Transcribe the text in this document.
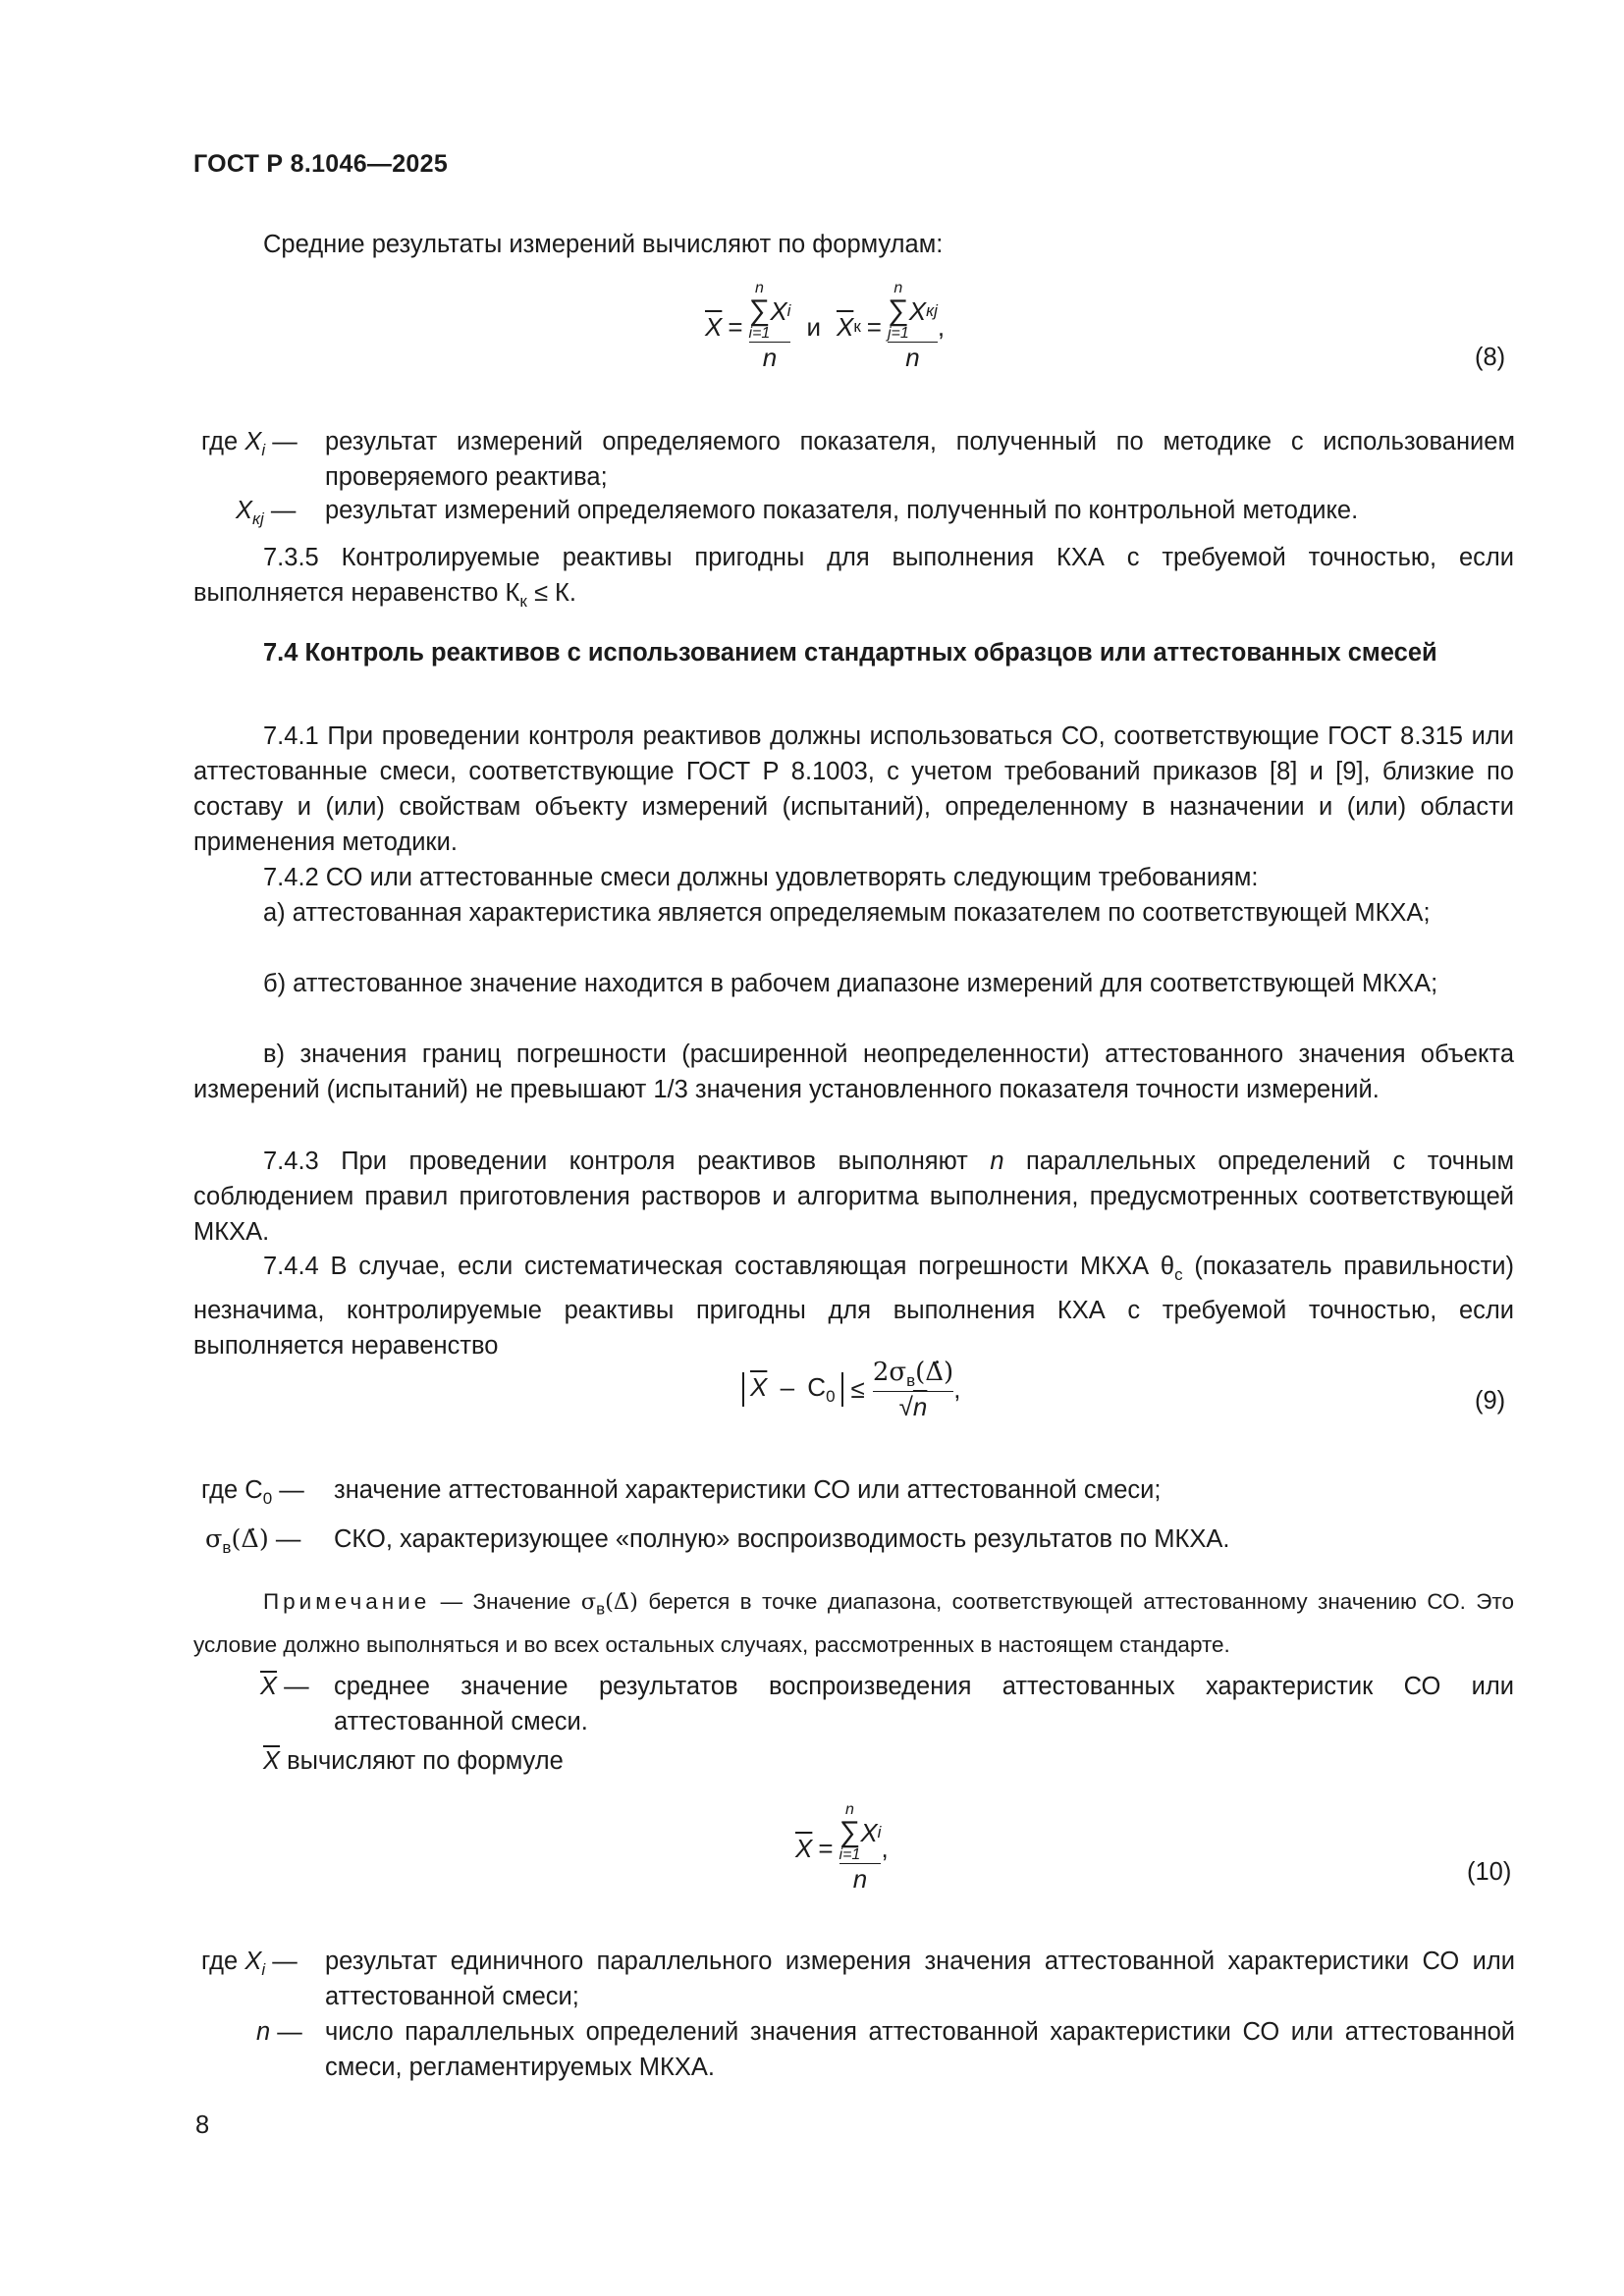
ГОСТ Р 8.1046—2025
Средние результаты измерений вычисляют по формулам:
$\overline{X} = n$
∑
i=1
X i
n и $\overline{X}$ к = n
∑
j=1
X кj
n ,
(8)
где $X_i$ — результат измерений определяемого показателя, полученный по методике с использованием проверяемого реактива;
$X_{кj}$ — результат измерений определяемого показателя, полученный по контрольной методике.
7.3.5 Контролируемые реактивы пригодны для выполнения КХА с требуемой точностью, если выполняется неравенство $К_к \le К$.
7.4 Контроль реактивов с использованием стандартных образцов или аттестованных смесей
7.4.1 При проведении контроля реактивов должны использоваться СО, соответствующие ГОСТ 8.315 или аттестованные смеси, соответствующие ГОСТ Р 8.1003, с учетом требований приказов [8] и [9], близкие по составу и (или) свойствам объекту измерений (испытаний), определенному в назначении и (или) области применения методики.
7.4.2 СО или аттестованные смеси должны удовлетворять следующим требованиям:
а) аттестованная характеристика является определяемым показателем по соответствующей МКХА;
б) аттестованное значение находится в рабочем диапазоне измерений для соответствующей МКХА;
в) значения границ погрешности (расширенной неопределенности) аттестованного значения объекта измерений (испытаний) не превышают 1/3 значения установленного показателя точности измерений.
7.4.3 При проведении контроля реактивов выполняют n параллельных определений с точным соблюдением правил приготовления растворов и алгоритма выполнения, предусмотренных соответствующей МКХА.
7.4.4 В случае, если систематическая составляющая погрешности МКХА $\theta_с$ (показатель правильности) незначима, контролируемые реактивы пригодны для выполнения КХА с требуемой точностью, если выполняется неравенство
$\overline{X} - С_0 \le \frac{2\sigma_в(\Deltȧ)}{√n}$ ,	(9)
где $С_0$ — значение аттестованной характеристики СО или аттестованной смеси;
$\sigma_в(\Deltȧ)$ — СКО, характеризующее «полную» воспроизводимость результатов по МКХА.
Примечание — Значение $\sigma_в(\Deltȧ)$ берется в точке диапазона, соответствующей аттестованному значению СО. Это условие должно выполняться и во всех остальных случаях, рассмотренных в настоящем стандарте.
$\overline{X}$ — среднее значение результатов воспроизведения аттестованных характеристик СО или аттестованной смеси.
$\overline{X}$ вычисляют по формуле
$\overline{X} = n$
∑
i=1
X i
n ,
(10)
где $X_i$ — результат единичного параллельного измерения значения аттестованной характеристики СО или аттестованной смеси;
n — число параллельных определений значения аттестованной характеристики СО или аттестованной смеси, регламентируемых МКХА.
8
